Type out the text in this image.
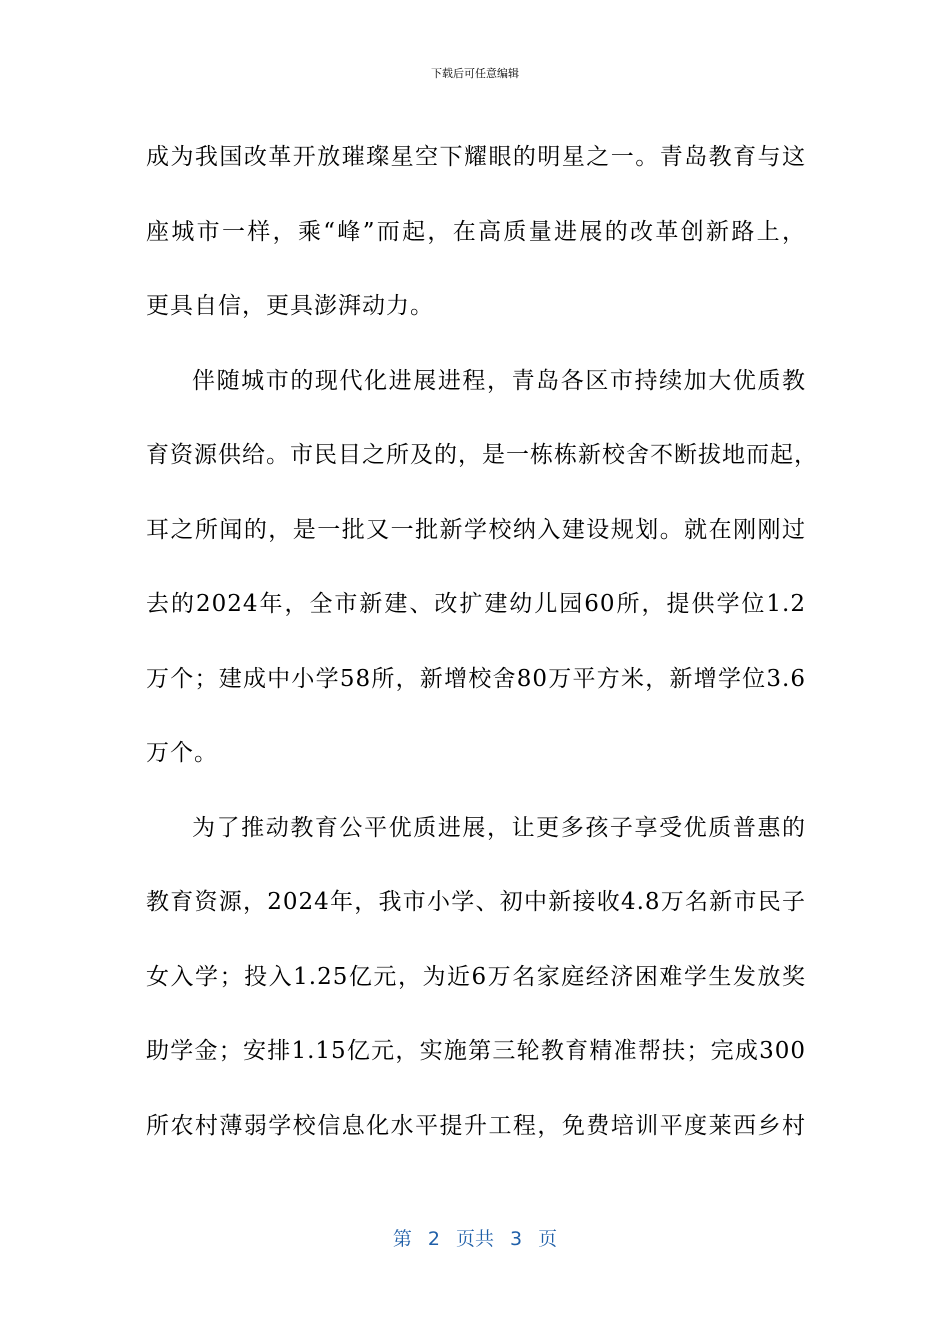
下载后可任意编辑
成为我国改革开放璀璨星空下耀眼的明星之一。青岛教育与这
座城市一样，乘“峰”而起，在高质量进展的改革创新路上，
更具自信，更具澎湃动力。
伴随城市的现代化进展进程，青岛各区市持续加大优质教
育资源供给。市民目之所及的，是一栋栋新校舍不断拔地而起，
耳之所闻的，是一批又一批新学校纳入建设规划。就在刚刚过
去的2024年，全市新建、改扩建幼儿园60所，提供学位1.2
万个；建成中小学58所，新增校舍80万平方米，新增学位3.6
万个。
为了推动教育公平优质进展，让更多孩子享受优质普惠的
教育资源，2024年，我市小学、初中新接收4.8万名新市民子
女入学；投入1.25亿元，为近6万名家庭经济困难学生发放奖
助学金；安排1.15亿元，实施第三轮教育精准帮扶；完成300
所农村薄弱学校信息化水平提升工程，免费培训平度莱西乡村
第 2 页共 3 页
